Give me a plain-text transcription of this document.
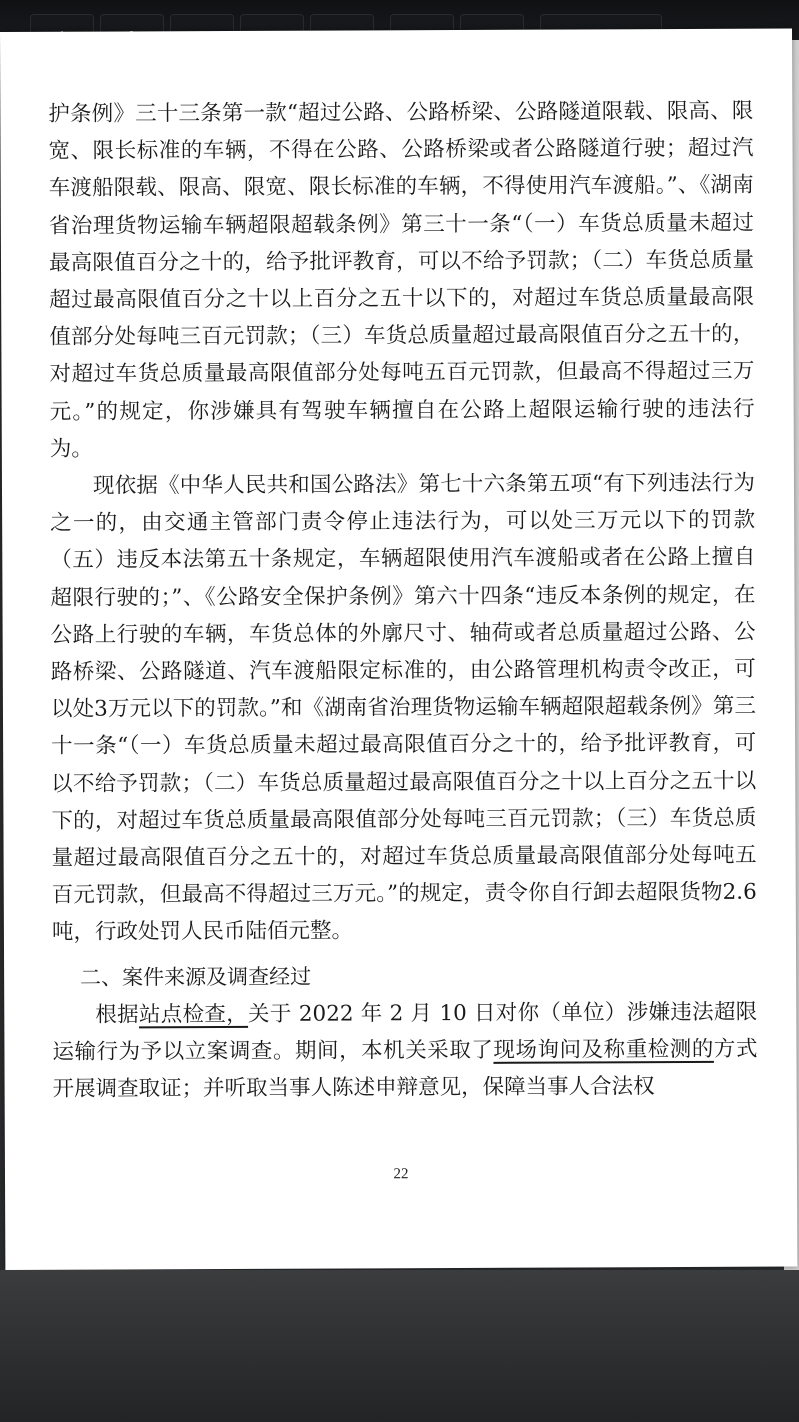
护条例》三十三条第一款“超过公路、公路桥梁、公路隧道限载、限高、限宽、限长标准的车辆，不得在公路、公路桥梁或者公路隧道行驶；超过汽车渡船限载、限高、限宽、限长标准的车辆，不得使用汽车渡船。”、《湖南省治理货物运输车辆超限超载条例》第三十一条“（一）车货总质量未超过最高限值百分之十的，给予批评教育，可以不给予罚款；（二）车货总质量超过最高限值百分之十以上百分之五十以下的，对超过车货总质量最高限值部分处每吨三百元罚款；（三）车货总质量超过最高限值百分之五十的，对超过车货总质量最高限值部分处每吨五百元罚款，但最高不得超过三万元。”的规定，你涉嫌具有驾驶车辆擅自在公路上超限运输行驶的违法行为。

现依据《中华人民共和国公路法》第七十六条第五项“有下列违法行为之一的，由交通主管部门责令停止违法行为，可以处三万元以下的罚款（五）违反本法第五十条规定，车辆超限使用汽车渡船或者在公路上擅自超限行驶的；”、《公路安全保护条例》第六十四条“违反本条例的规定，在公路上行驶的车辆，车货总体的外廓尺寸、轴荷或者总质量超过公路、公路桥梁、公路隧道、汽车渡船限定标准的，由公路管理机构责令改正，可以处3万元以下的罚款。”和《湖南省治理货物运输车辆超限超载条例》第三十一条“（一）车货总质量未超过最高限值百分之十的，给予批评教育，可以不给予罚款；（二）车货总质量超过最高限值百分之十以上百分之五十以下的，对超过车货总质量最高限值部分处每吨三百元罚款；（三）车货总质量超过最高限值百分之五十的，对超过车货总质量最高限值部分处每吨五百元罚款，但最高不得超过三万元。”的规定，责令你自行卸去超限货物2.6吨，行政处罚人民币陆佰元整。

二、案件来源及调查经过

根据站点检查，关于 2022 年 2 月 10 日对你（单位）涉嫌违法超限运输行为予以立案调查。期间，本机关采取了现场询问及称重检测的方式开展调查取证；并听取当事人陈述申辩意见，保障当事人合法权

22
